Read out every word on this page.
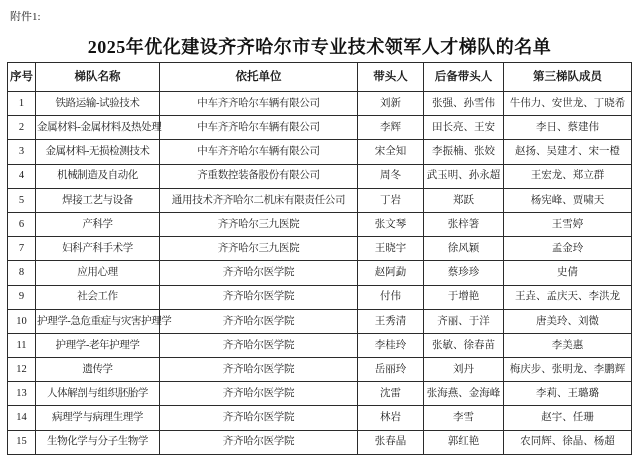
附件1:
2025年优化建设齐齐哈尔市专业技术领军人才梯队的名单
序号	梯队名称	依托单位	带头人	后备带头人	第三梯队成员
1	铁路运输-试验技术	中车齐齐哈尔车辆有限公司	刘新	张强、孙雪伟	牛伟力、安世龙、丁晓希
2	金属材料-金属材料及热处理	中车齐齐哈尔车辆有限公司	李辉	田长亮、王安	李日、蔡建伟
3	金属材料-无损检测技术	中车齐齐哈尔车辆有限公司	宋全知	李振楠、张姣	赵扬、吴建才、宋一橙
4	机械制造及自动化	齐重数控装备股份有限公司	周冬	武玉明、孙永超	王宏龙、郑立群
5	焊接工艺与设备	通用技术齐齐哈尔二机床有限责任公司	丁岩	郑跃	杨宪峰、贾啸天
6	产科学	齐齐哈尔三九医院	张文琴	张梓箸	王雪婷
7	妇科产科手术学	齐齐哈尔三九医院	王晓宇	徐风颖	孟金玲
8	应用心理	齐齐哈尔医学院	赵阿勐	蔡珍珍	史倩
9	社会工作	齐齐哈尔医学院	付伟	于增艳	王垚、孟庆天、李洪龙
10	护理学-急危重症与灾害护理学	齐齐哈尔医学院	王秀清	齐丽、于洋	唐美玲、刘微
11	护理学-老年护理学	齐齐哈尔医学院	李桂玲	张敏、徐春苗	李美惠
12	遗传学	齐齐哈尔医学院	岳丽玲	刘丹	梅庆步、张明龙、李鹏辉
13	人体解剖与组织胚胎学	齐齐哈尔医学院	沈雷	张海燕、金海峰	李莉、王璐璐
14	病理学与病理生理学	齐齐哈尔医学院	林岩	李雪	赵宇、任珊
15	生物化学与分子生物学	齐齐哈尔医学院	张春晶	郭红艳	农同辉、徐晶、杨超
